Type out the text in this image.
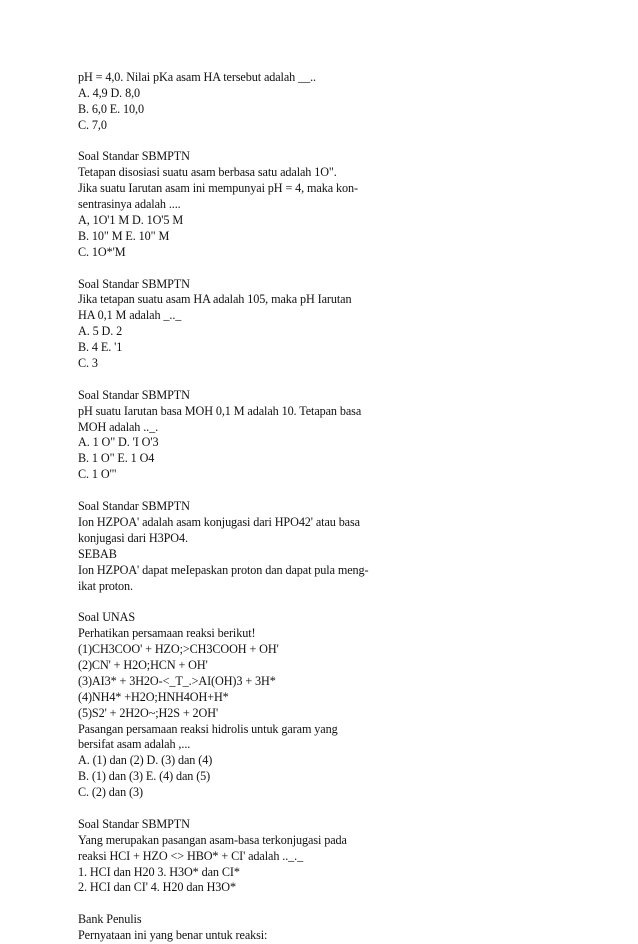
pH = 4,0. Nilai pKa asam HA tersebut adalah __..
A. 4,9 D. 8,0
B. 6,0 E. 10,0
C. 7,0
Soal Standar SBMPTN
Tetapan disosiasi suatu asam berbasa satu adalah 1O".
Jika suatu Iarutan asam ini mempunyai pH = 4, maka kon-
sentrasinya adalah ....
A, 1O'1 M D. 1O'5 M
B. 10" M E. 10" M
C. 1O*'M
Soal Standar SBMPTN
Jika tetapan suatu asam HA adalah 105, maka pH Iarutan
HA 0,1 M adalah _.._
A. 5 D. 2
B. 4 E. '1
C. 3
Soal Standar SBMPTN
pH suatu Iarutan basa MOH 0,1 M adalah 10. Tetapan basa
MOH adalah .._.
A. 1 O" D. 'I O'3
B. 1 O" E. 1 O4
C. 1 O'"
Soal Standar SBMPTN
Ion HZPOA' adalah asam konjugasi dari HPO42' atau basa
konjugasi dari H3PO4.
SEBAB
Ion HZPOA' dapat meIepaskan proton dan dapat pula meng-
ikat proton.
Soal UNAS
Perhatikan persamaan reaksi berikut!
(1)CH3COO' + HZO;>CH3COOH + OH'
(2)CN' + H2O;HCN + OH'
(3)AI3* + 3H2O-<_T_.>AI(OH)3 + 3H*
(4)NH4* +H2O;HNH4OH+H*
(5)S2' + 2H2O~;H2S + 2OH'
Pasangan persamaan reaksi hidrolis untuk garam yang
bersifat asam adalah ,...
A. (1) dan (2) D. (3) dan (4)
B. (1) dan (3) E. (4) dan (5)
C. (2) dan (3)
Soal Standar SBMPTN
Yang merupakan pasangan asam-basa terkonjugasi pada
reaksi HCI + HZO <> HBO* + CI' adalah .._._
1. HCI dan H20 3. H3O* dan CI*
2. HCI dan CI' 4. H20 dan H3O*
Bank Penulis
Pernyataan ini yang benar untuk reaksi:
